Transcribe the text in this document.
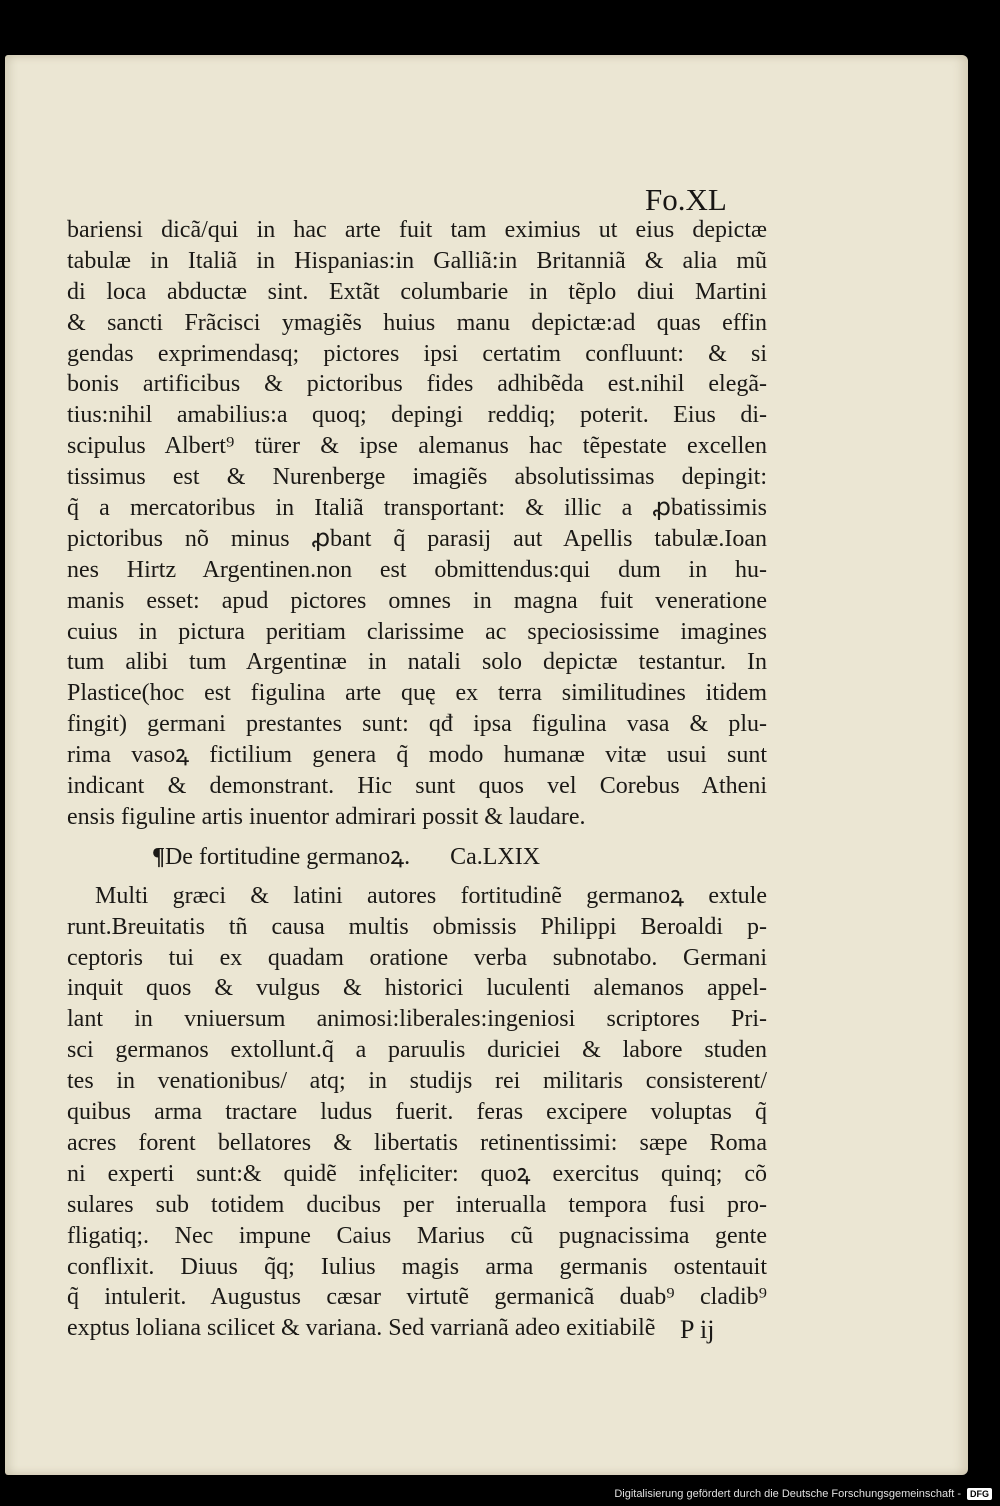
Fo.XL
bariensi dicã/qui in hac arte fuit tam eximius ut eius depictæ
tabulæ in Italiã in Hispanias:in Galliã:in Britanniã & alia mũ
di loca abductæ sint. Extãt columbarie in tẽplo diui Martini
& sancti Frãcisci ymagiẽs huius manu depictæ:ad quas effin
gendas exprimendasq; pictores ipsi certatim confluunt: & si
bonis artificibus & pictoribus fides adhibẽda est.nihil elegã-
tius:nihil amabilius:a quoq; depingi reddiq; poterit. Eius di-
scipulus Albert⁹ türer & ipse alemanus hac tẽpestate excellen
tissimus est & Nurenberge imagiẽs absolutissimas depingit:
q̃ a mercatoribus in Italiã transportant: & illic a ꝓbatissimis
pictoribus nõ minus ꝓbant q̃ parasij aut Apellis tabulæ.Ioan
nes Hirtz Argentinen.non est obmittendus:qui dum in hu-
manis esset: apud pictores omnes in magna fuit veneratione
cuius in pictura peritiam clarissime ac speciosissime imagines
tum alibi tum Argentinæ in natali solo depictæ testantur. In
Plastice(hoc est figulina arte quę ex terra similitudines itidem
fingit) germani prestantes sunt: qđ ipsa figulina vasa & plu-
rima vasoꝝ fictilium genera q̃ modo humanæ vitæ usui sunt
indicant & demonstrant. Hic sunt quos vel Corebus Atheni
ensis figuline artis inuentor admirari possit & laudare.
¶De fortitudine germanoꝝ. Ca.LXIX
Multi græci & latini autores fortitudinẽ germanoꝝ extule
runt.Breuitatis tñ causa multis obmissis Philippi Beroaldi p-
ceptoris tui ex quadam oratione verba subnotabo. Germani
inquit quos & vulgus & historici luculenti alemanos appel-
lant in vniuersum animosi:liberales:ingeniosi scriptores Pri-
sci germanos extollunt.q̃ a paruulis duriciei & labore studen
tes in venationibus/ atq; in studijs rei militaris consisterent/
quibus arma tractare ludus fuerit. feras excipere voluptas q̃
acres forent bellatores & libertatis retinentissimi: sæpe Roma
ni experti sunt:& quidẽ infęliciter: quoꝝ exercitus quinq; cõ
sulares sub totidem ducibus per interualla tempora fusi pro-
fligatiq;. Nec impune Caius Marius cũ pugnacissima gente
conflixit. Diuus q̃q; Iulius magis arma germanis ostentauit
q̃ intulerit. Augustus cæsar virtutẽ germanicã duab⁹ cladib⁹
exptus loliana scilicet & variana. Sed varrianã adeo exitiabilẽ P ij
Digitalisierung gefördert durch die Deutsche Forschungsgemeinschaft -	DFG
